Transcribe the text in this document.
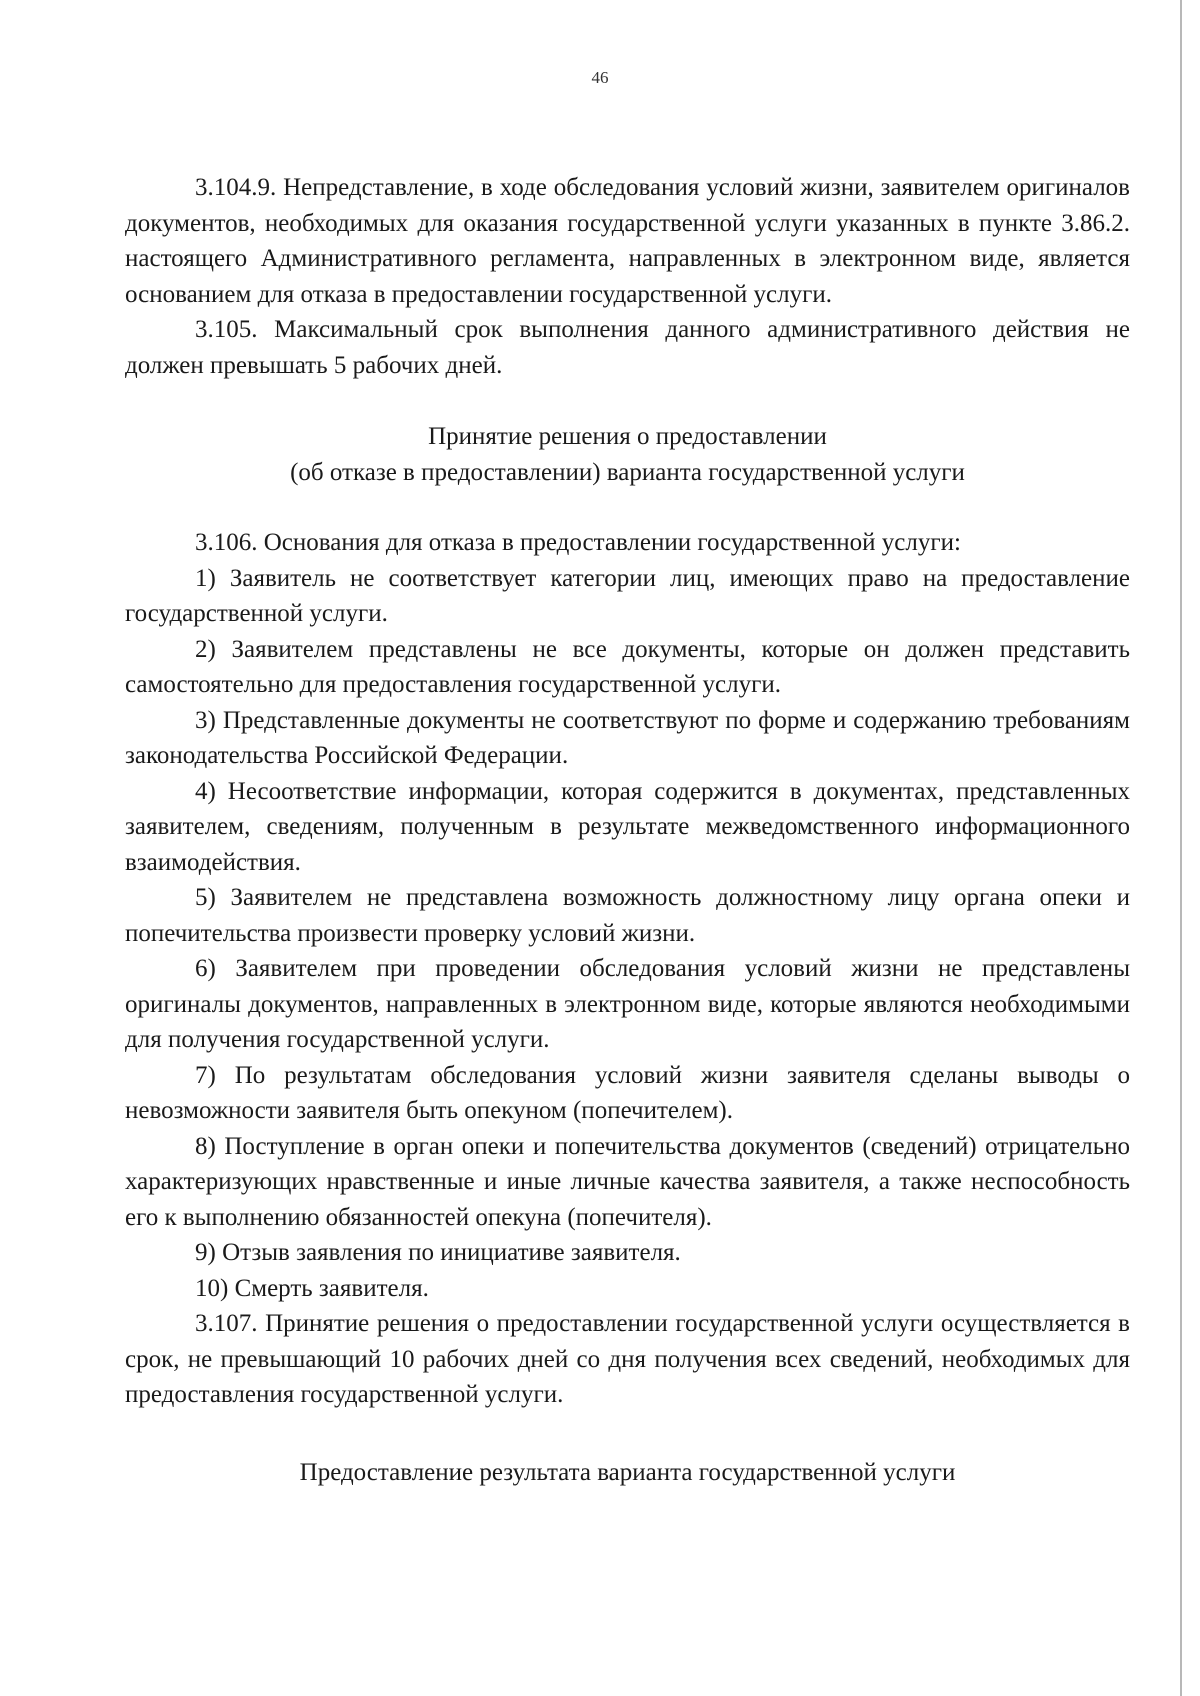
46

3.104.9. Непредставление, в ходе обследования условий жизни, заявителем оригиналов документов, необходимых для оказания государственной услуги указанных в пункте 3.86.2. настоящего Административного регламента, направленных в электронном виде, является основанием для отказа в предоставлении государственной услуги.

3.105. Максимальный срок выполнения данного административного действия не должен превышать 5 рабочих дней.

Принятие решения о предоставлении
(об отказе в предоставлении) варианта государственной услуги

3.106. Основания для отказа в предоставлении государственной услуги:

1) Заявитель не соответствует категории лиц, имеющих право на предоставление государственной услуги.

2) Заявителем представлены не все документы, которые он должен представить самостоятельно для предоставления государственной услуги.

3) Представленные документы не соответствуют по форме и содержанию требованиям законодательства Российской Федерации.

4) Несоответствие информации, которая содержится в документах, представленных заявителем, сведениям, полученным в результате межведомственного информационного взаимодействия.

5) Заявителем не представлена возможность должностному лицу органа опеки и попечительства произвести проверку условий жизни.

6) Заявителем при проведении обследования условий жизни не представлены оригиналы документов, направленных в электронном виде, которые являются необходимыми для получения государственной услуги.

7) По результатам обследования условий жизни заявителя сделаны выводы о невозможности заявителя быть опекуном (попечителем).

8) Поступление в орган опеки и попечительства документов (сведений) отрицательно характеризующих нравственные и иные личные качества заявителя, а также неспособность его к выполнению обязанностей опекуна (попечителя).

9) Отзыв заявления по инициативе заявителя.

10) Смерть заявителя.

3.107. Принятие решения о предоставлении государственной услуги осуществляется в срок, не превышающий 10 рабочих дней со дня получения всех сведений, необходимых для предоставления государственной услуги.

Предоставление результата варианта государственной услуги
